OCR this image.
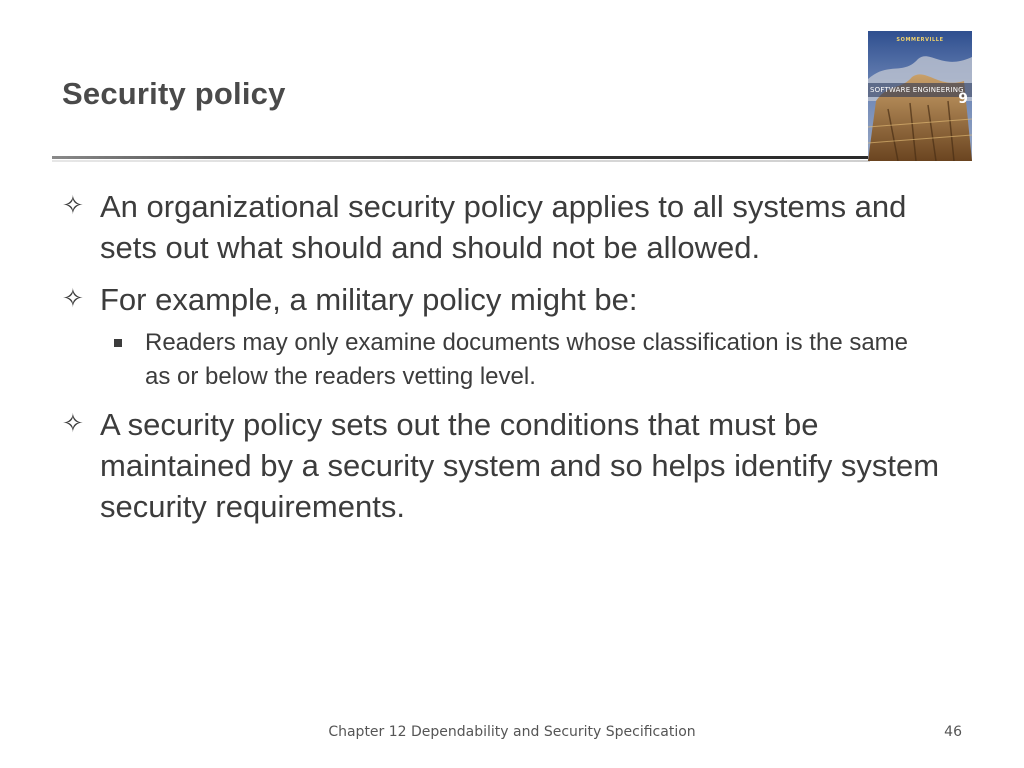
Security policy
SOMMERVILLE
SOFTWARE ENGINEERING
9
✧ An organizational security policy applies to all systems and sets out what should and should not be allowed.
✧ For example, a military policy might be:
Readers may only examine documents whose classification is the same as or below the readers vetting level.
✧ A security policy sets out the conditions that must be maintained by a security system and so helps identify system security requirements.
Chapter 12 Dependability and Security Specification	46
